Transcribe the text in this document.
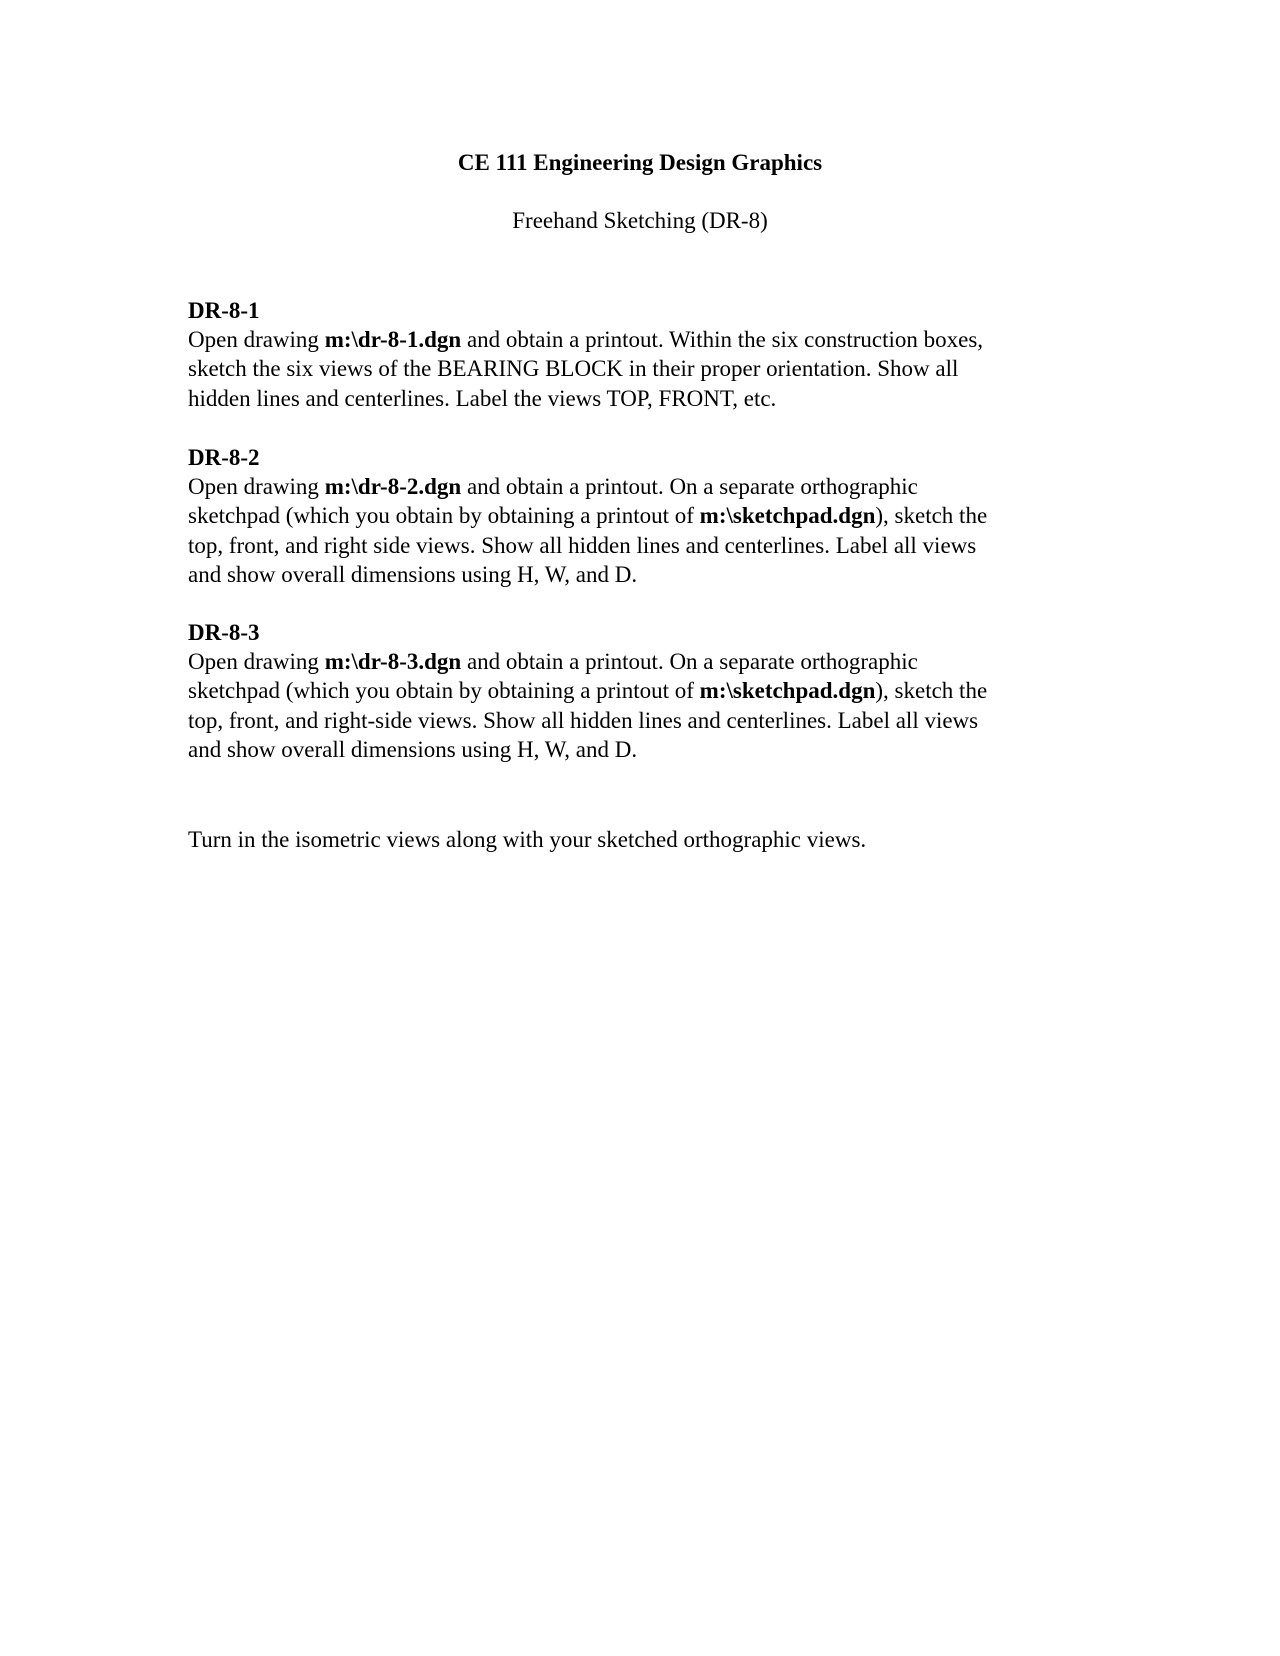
CE 111 Engineering Design Graphics
Freehand Sketching (DR-8)

DR-8-1

Open drawing m:\dr-8-1.dgn and obtain a printout. Within the six construction boxes,

sketch the six views of the BEARING BLOCK in their proper orientation. Show all

hidden lines and centerlines. Label the views TOP, FRONT, etc.

DR-8-2

Open drawing m:\dr-8-2.dgn and obtain a printout. On a separate orthographic

sketchpad (which you obtain by obtaining a printout of m:\sketchpad.dgn), sketch the

top, front, and right side views. Show all hidden lines and centerlines. Label all views

and show overall dimensions using H, W, and D.

DR-8-3

Open drawing m:\dr-8-3.dgn and obtain a printout. On a separate orthographic

sketchpad (which you obtain by obtaining a printout of m:\sketchpad.dgn), sketch the

top, front, and right-side views. Show all hidden lines and centerlines. Label all views

and show overall dimensions using H, W, and D.

Turn in the isometric views along with your sketched orthographic views.
